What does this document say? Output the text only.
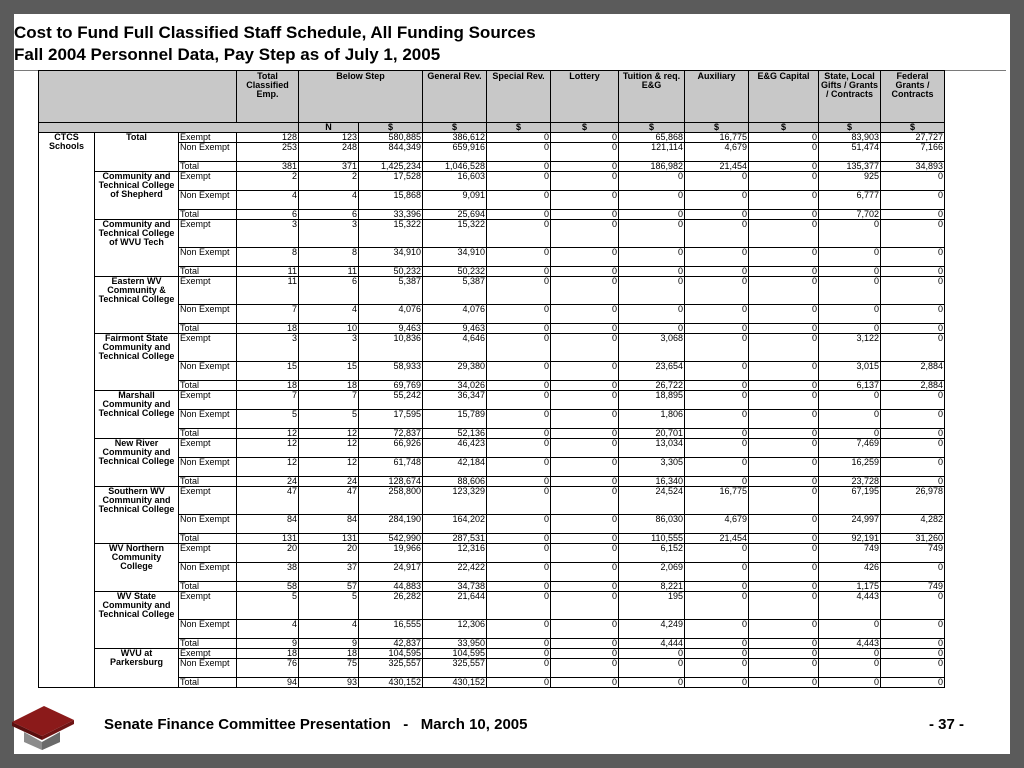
Cost to Fund Full Classified Staff Schedule, All Funding Sources
Fall 2004 Personnel Data, Pay Step as of July 1, 2005
			Total Classified Emp.	Below Step		General Rev.	Special Rev.	Lottery	Tuition & req. E&G	Auxiliary	E&G Capital	State, Local Gifts / Grants / Contracts	Federal Grants / Contracts
				N	$	$	$	$	$	$	$	$	$
CTCS Schools	Total	Exempt	128	123	580,885	386,612	0	0	65,868	16,775	0	83,903	27,727
		Non Exempt	253	248	844,349	659,916	0	0	121,114	4,679	0	51,474	7,166
		Total	381	371	1,425,234	1,046,528	0	0	186,982	21,454	0	135,377	34,893
	Community and Technical College of Shepherd	Exempt	2	2	17,528	16,603	0	0	0	0	0	925	0
		Non Exempt	4	4	15,868	9,091	0	0	0	0	0	6,777	0
		Total	6	6	33,396	25,694	0	0	0	0	0	7,702	0
	Community and Technical College of WVU Tech	Exempt	3	3	15,322	15,322	0	0	0	0	0	0	0
		Non Exempt	8	8	34,910	34,910	0	0	0	0	0	0	0
		Total	11	11	50,232	50,232	0	0	0	0	0	0	0
	Eastern WV Community & Technical College	Exempt	11	6	5,387	5,387	0	0	0	0	0	0	0
		Non Exempt	7	4	4,076	4,076	0	0	0	0	0	0	0
		Total	18	10	9,463	9,463	0	0	0	0	0	0	0
	Fairmont State Community and Technical College	Exempt	3	3	10,836	4,646	0	0	3,068	0	0	3,122	0
		Non Exempt	15	15	58,933	29,380	0	0	23,654	0	0	3,015	2,884
		Total	18	18	69,769	34,026	0	0	26,722	0	0	6,137	2,884
	Marshall Community and Technical College	Exempt	7	7	55,242	36,347	0	0	18,895	0	0	0	0
		Non Exempt	5	5	17,595	15,789	0	0	1,806	0	0	0	0
		Total	12	12	72,837	52,136	0	0	20,701	0	0	0	0
	New River Community and Technical College	Exempt	12	12	66,926	46,423	0	0	13,034	0	0	7,469	0
		Non Exempt	12	12	61,748	42,184	0	0	3,305	0	0	16,259	0
		Total	24	24	128,674	88,606	0	0	16,340	0	0	23,728	0
	Southern WV Community and Technical College	Exempt	47	47	258,800	123,329	0	0	24,524	16,775	0	67,195	26,978
		Non Exempt	84	84	284,190	164,202	0	0	86,030	4,679	0	24,997	4,282
		Total	131	131	542,990	287,531	0	0	110,555	21,454	0	92,191	31,260
	WV Northern Community College	Exempt	20	20	19,966	12,316	0	0	6,152	0	0	749	749
		Non Exempt	38	37	24,917	22,422	0	0	2,069	0	0	426	0
		Total	58	57	44,883	34,738	0	0	8,221	0	0	1,175	749
	WV State Community and Technical College	Exempt	5	5	26,282	21,644	0	0	195	0	0	4,443	0
		Non Exempt	4	4	16,555	12,306	0	0	4,249	0	0	0	0
		Total	9	9	42,837	33,950	0	0	4,444	0	0	4,443	0
	WVU at Parkersburg	Exempt	18	18	104,595	104,595	0	0	0	0	0	0	0
		Non Exempt	76	75	325,557	325,557	0	0	0	0	0	0	0
		Total	94	93	430,152	430,152	0	0	0	0	0	0	0
Senate Finance Committee Presentation   -   March 10, 2005	- 37 -
